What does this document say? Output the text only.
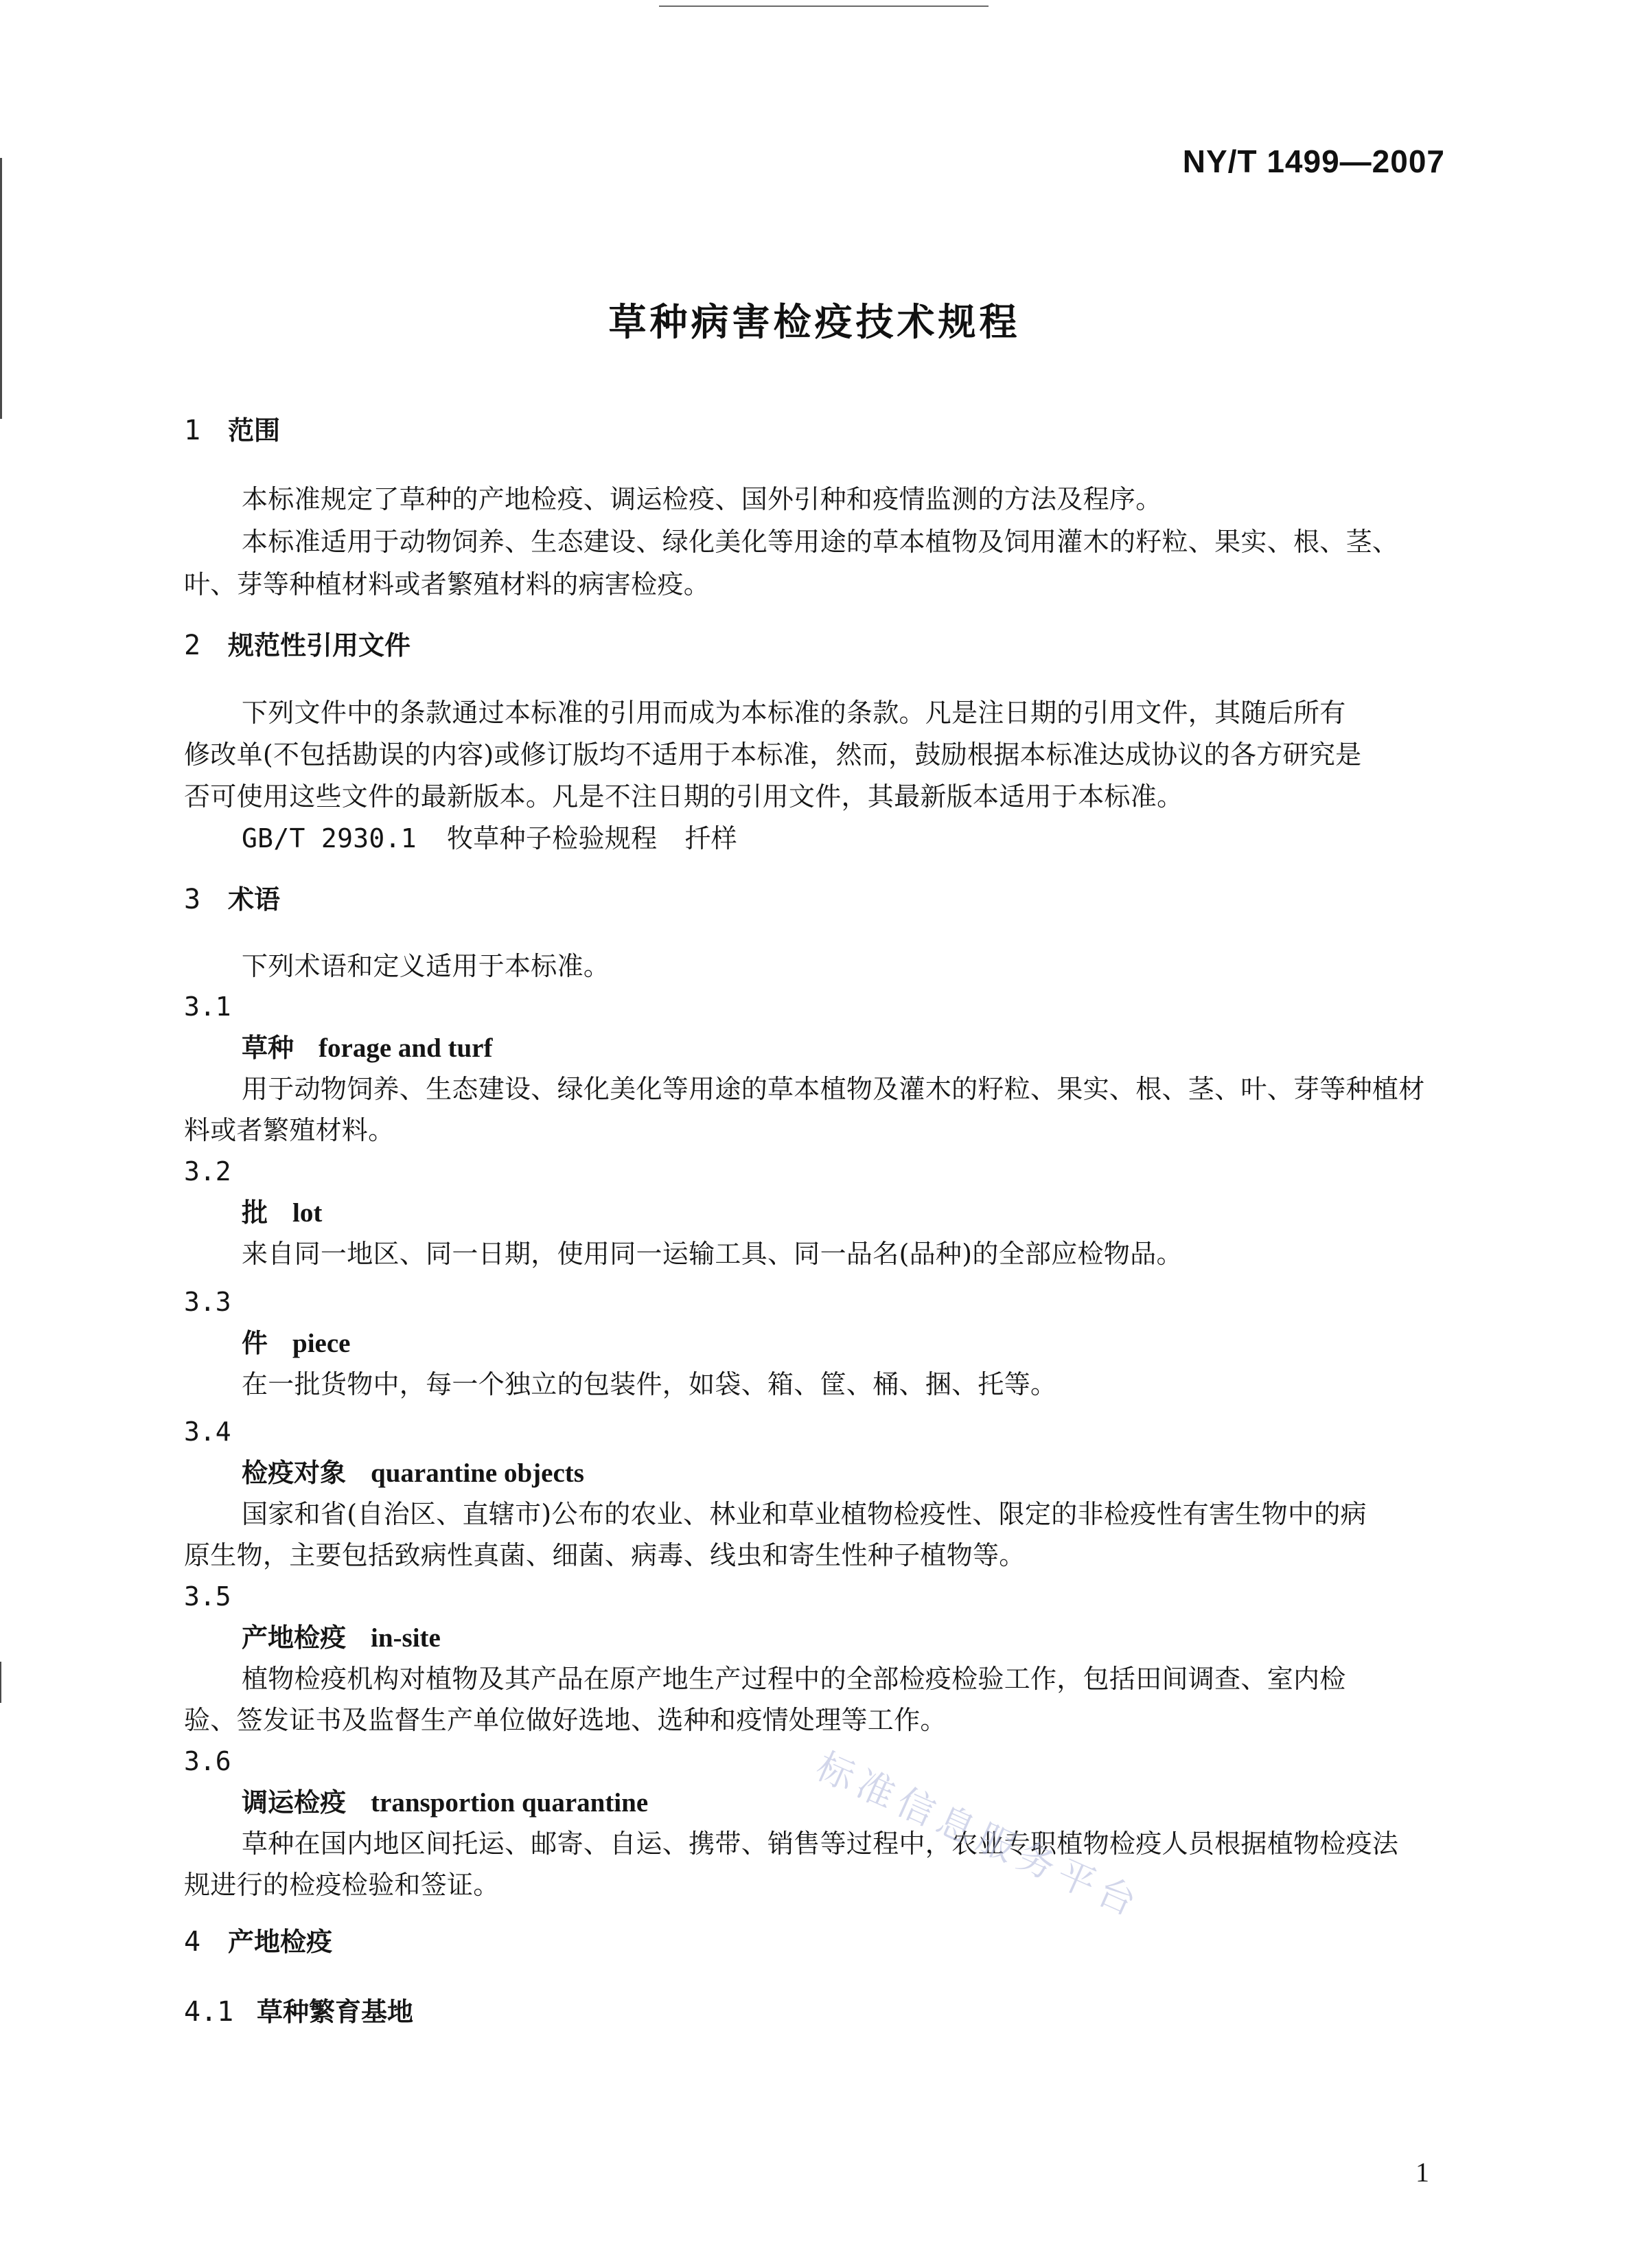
NY/T 1499—2007
草种病害检疫技术规程
1 范围
本标准规定了草种的产地检疫、调运检疫、国外引种和疫情监测的方法及程序。
本标准适用于动物饲养、生态建设、绿化美化等用途的草本植物及饲用灌木的籽粒、果实、根、茎、
叶、芽等种植材料或者繁殖材料的病害检疫。
2 规范性引用文件
下列文件中的条款通过本标准的引用而成为本标准的条款。凡是注日期的引用文件，其随后所有
修改单(不包括勘误的内容)或修订版均不适用于本标准，然而，鼓励根据本标准达成协议的各方研究是
否可使用这些文件的最新版本。凡是不注日期的引用文件，其最新版本适用于本标准。
GB/T 2930.1 牧草种子检验规程 扦样
3 术语
下列术语和定义适用于本标准。
3.1
草种 forage and turf
用于动物饲养、生态建设、绿化美化等用途的草本植物及灌木的籽粒、果实、根、茎、叶、芽等种植材
料或者繁殖材料。
3.2
批 lot
来自同一地区、同一日期，使用同一运输工具、同一品名(品种)的全部应检物品。
3.3
件 piece
在一批货物中，每一个独立的包装件，如袋、箱、筐、桶、捆、托等。
3.4
检疫对象 quarantine objects
国家和省(自治区、直辖市)公布的农业、林业和草业植物检疫性、限定的非检疫性有害生物中的病
原生物，主要包括致病性真菌、细菌、病毒、线虫和寄生性种子植物等。
3.5
产地检疫 in-site
植物检疫机构对植物及其产品在原产地生产过程中的全部检疫检验工作，包括田间调查、室内检
验、签发证书及监督生产单位做好选地、选种和疫情处理等工作。
3.6
调运检疫 transportion quarantine
草种在国内地区间托运、邮寄、自运、携带、销售等过程中，农业专职植物检疫人员根据植物检疫法
规进行的检疫检验和签证。
4 产地检疫
4.1 草种繁育基地
标准信息服务平台
1
